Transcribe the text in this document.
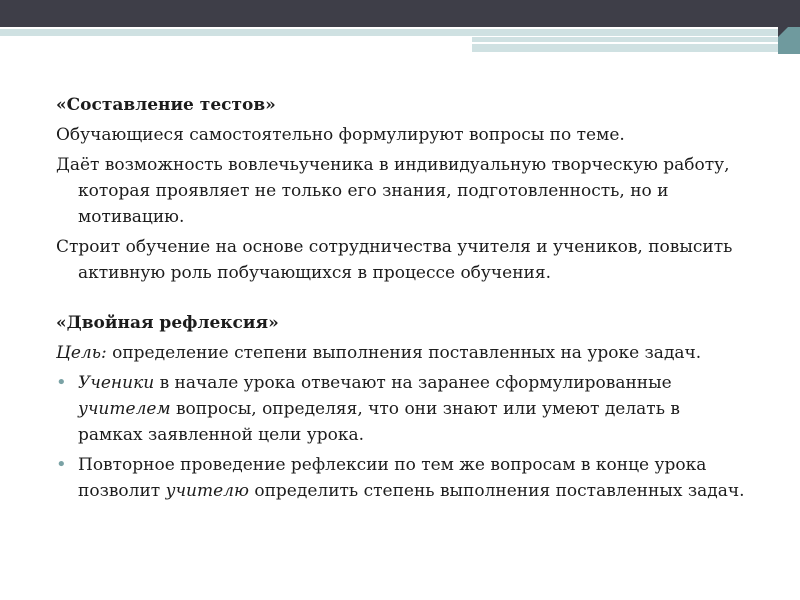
«Составление тестов»

Обучающиеся самостоятельно формулируют вопросы по теме.

Даёт возможность вовлечьученика в индивидуальную творческую работу, которая проявляет не только его знания, подготовленность, но и мотивацию.

Строит обучение на основе сотрудничества учителя и учеников, повысить активную роль побучающихся в процессе обучения.

«Двойная рефлексия»

Цель: определение степени выполнения поставленных на уроке задач.

• Ученики в начале урока отвечают на заранее сформулированные учителем вопросы, определяя, что они знают или умеют делать в рамках заявленной цели урока.

• Повторное проведение рефлексии по тем же вопросам в конце урока позволит учителю определить степень выполнения поставленных задач.
